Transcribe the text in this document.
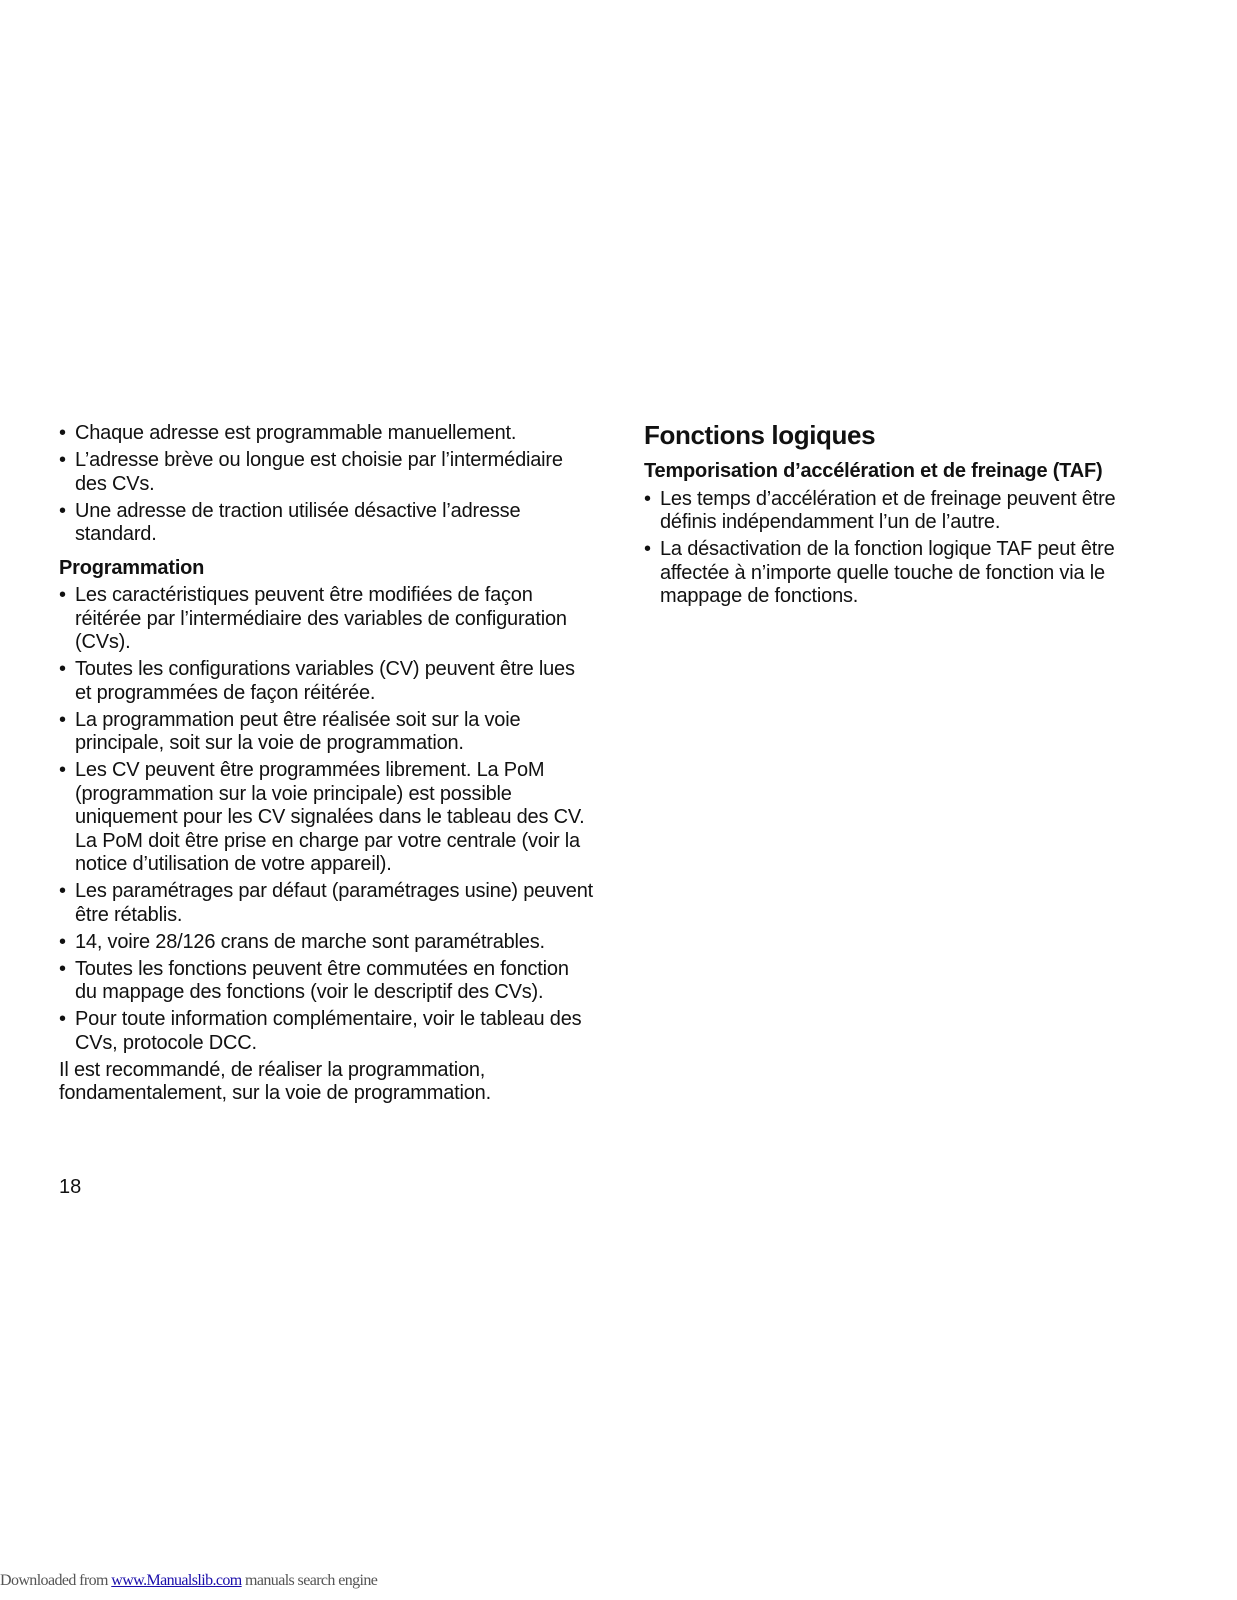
• Chaque adresse est programmable manuellement.
• L’adresse brève ou longue est choisie par l’intermédiaire des CVs.
• Une adresse de traction utilisée désactive l’adresse standard.
Programmation
• Les caractéristiques peuvent être modifiées de façon réitérée par l’intermédiaire des variables de configuration (CVs).
• Toutes les configurations variables (CV) peuvent être lues et programmées de façon réitérée.
• La programmation peut être réalisée soit sur la voie principale, soit sur la voie de programmation.
• Les CV peuvent être programmées librement. La PoM (programmation sur la voie principale) est possible uniquement pour les CV signalées dans le tableau des CV. La PoM doit être prise en charge par votre centrale (voir la notice d’utilisation de votre appareil).
• Les paramétrages par défaut (paramétrages usine) peuvent être rétablis.
• 14, voire 28/126 crans de marche sont paramétrables.
• Toutes les fonctions peuvent être commutées en fonction du mappage des fonctions (voir le descriptif des CVs).
• Pour toute information complémentaire, voir le tableau des CVs, protocole DCC.

Il est recommandé, de réaliser la programmation, fondamentalement, sur la voie de programmation.

Fonctions logiques
Temporisation d’accélération et de freinage (TAF)
• Les temps d’accélération et de freinage peuvent être définis indépendamment l’un de l’autre.
• La désactivation de la fonction logique TAF peut être affectée à n’importe quelle touche de fonction via le mappage de fonctions.
18
Downloaded from www.Manualslib.com manuals search engine
